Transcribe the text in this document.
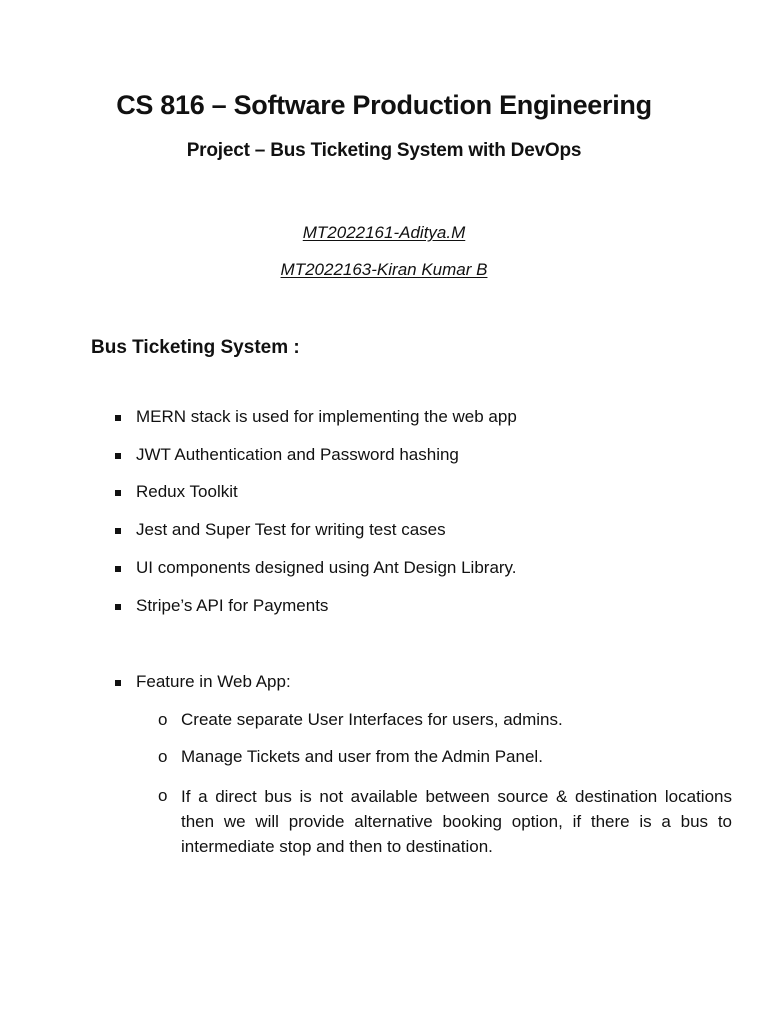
CS 816 – Software Production Engineering
Project – Bus Ticketing System with DevOps
MT2022161-Aditya.M
MT2022163-Kiran Kumar B
Bus Ticketing System :
MERN stack is used for implementing the web app
JWT Authentication and Password hashing
Redux Toolkit
Jest and Super Test for writing test cases
UI components designed using Ant Design Library.
Stripe’s API for Payments
Feature in Web App:
o Create separate User Interfaces for users, admins.
o Manage Tickets and user from the Admin Panel.
o If a direct bus is not available between source & destination locations then we will provide alternative booking option, if there is a bus to intermediate stop and then to destination.
